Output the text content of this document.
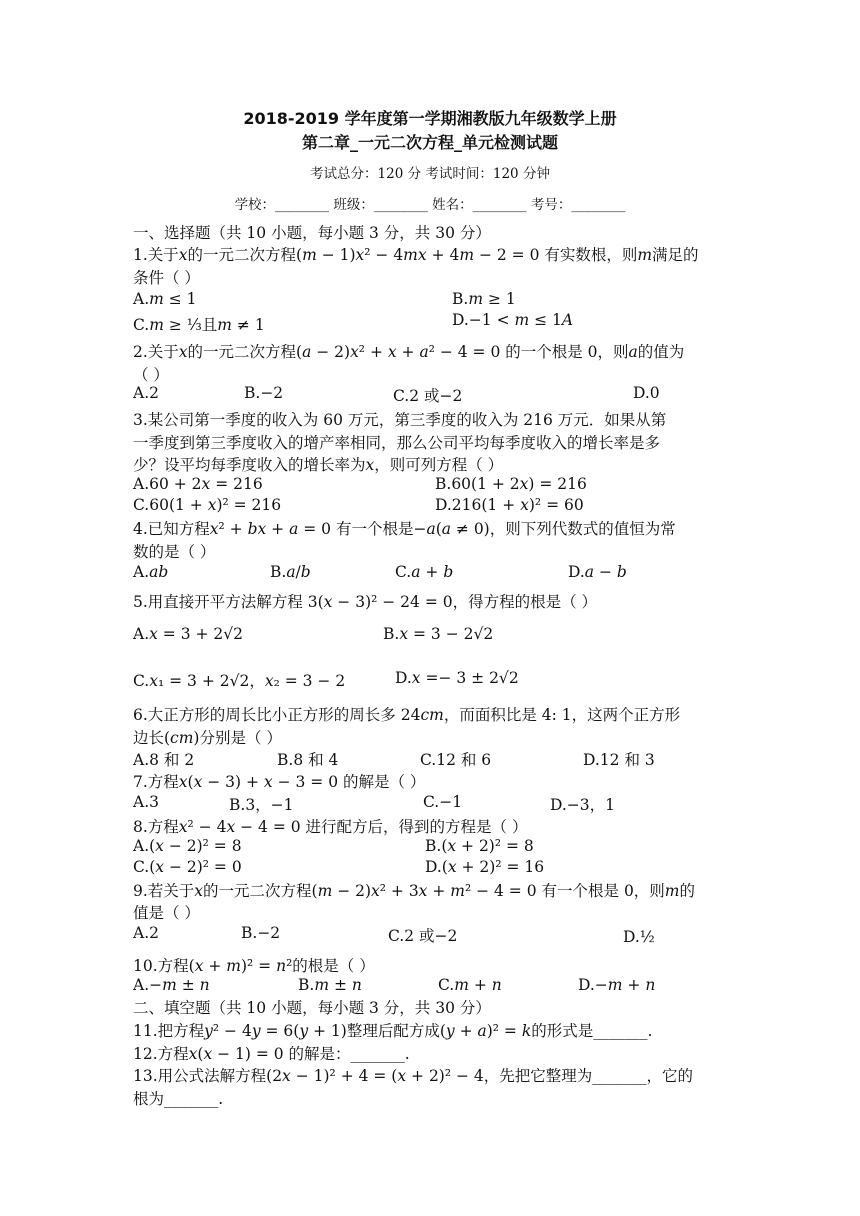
2018-2019 学年度第一学期湘教版九年级数学上册
第二章_一元二次方程_单元检测试题
考试总分：120 分 考试时间：120 分钟
学校：________ 班级：________ 姓名：________ 考号：________
一、选择题（共 10 小题，每小题 3 分，共 30 分）
1.关于𝑥的一元二次方程(𝑚 − 1)𝑥² − 4𝑚𝑥 + 4𝑚 − 2 = 0 有实数根，则𝑚满足的
条件（ ）
A.𝑚 ≤ 1	B.𝑚 ≥ 1
C.𝑚 ≥ ⅓且𝑚 ≠ 1	D.−1 < 𝑚 ≤ 1𝐴
2.关于𝑥的一元二次方程(𝑎 − 2)𝑥² + 𝑥 + 𝑎² − 4 = 0 的一个根是 0，则𝑎的值为
（ ）
A.2	B.−2	C.2 或−2	D.0
3.某公司第一季度的收入为 60 万元，第三季度的收入为 216 万元．如果从第
一季度到第三季度收入的增产率相同，那么公司平均每季度收入的增长率是多
少？设平均每季度收入的增长率为𝑥，则可列方程（ ）
A.60 + 2𝑥 = 216	B.60(1 + 2𝑥) = 216
C.60(1 + 𝑥)² = 216	D.216(1 + 𝑥)² = 60
4.已知方程𝑥² + 𝑏𝑥 + 𝑎 = 0 有一个根是−𝑎(𝑎 ≠ 0)，则下列代数式的值恒为常
数的是（ ）
A.𝑎𝑏	B.𝑎/𝑏	C.𝑎 + 𝑏	D.𝑎 − 𝑏
5.用直接开平方法解方程 3(𝑥 − 3)² − 24 = 0，得方程的根是（ ）
A.𝑥 = 3 + 2√2	B.𝑥 = 3 − 2√2
C.𝑥₁ = 3 + 2√2，𝑥₂ = 3 − 2	D.𝑥 =− 3 ± 2√2
6.大正方形的周长比小正方形的周长多 24𝑐𝑚，而面积比是 4: 1，这两个正方形
边长(𝑐𝑚)分别是（ ）
A.8 和 2	B.8 和 4	C.12 和 6	D.12 和 3
7.方程𝑥(𝑥 − 3) + 𝑥 − 3 = 0 的解是（ ）
A.3	B.3，−1	C.−1	D.−3，1
8.方程𝑥² − 4𝑥 − 4 = 0 进行配方后，得到的方程是（ ）
A.(𝑥 − 2)² = 8	B.(𝑥 + 2)² = 8
C.(𝑥 − 2)² = 0	D.(𝑥 + 2)² = 16
9.若关于𝑥的一元二次方程(𝑚 − 2)𝑥² + 3𝑥 + 𝑚² − 4 = 0 有一个根是 0，则𝑚的
值是（ ）
A.2	B.−2	C.2 或−2	D.½
10.方程(𝑥 + 𝑚)² = 𝑛²的根是（ ）
A.−𝑚 ± 𝑛	B.𝑚 ± 𝑛	C.𝑚 + 𝑛	D.−𝑚 + 𝑛
二、填空题（共 10 小题，每小题 3 分，共 30 分）
11.把方程𝑦² − 4𝑦 = 6(𝑦 + 1)整理后配方成(𝑦 + 𝑎)² = 𝑘的形式是_______.
12.方程𝑥(𝑥 − 1) = 0 的解是：_______.
13.用公式法解方程(2𝑥 − 1)² + 4 = (𝑥 + 2)² − 4，先把它整理为_______，它的
根为_______.
